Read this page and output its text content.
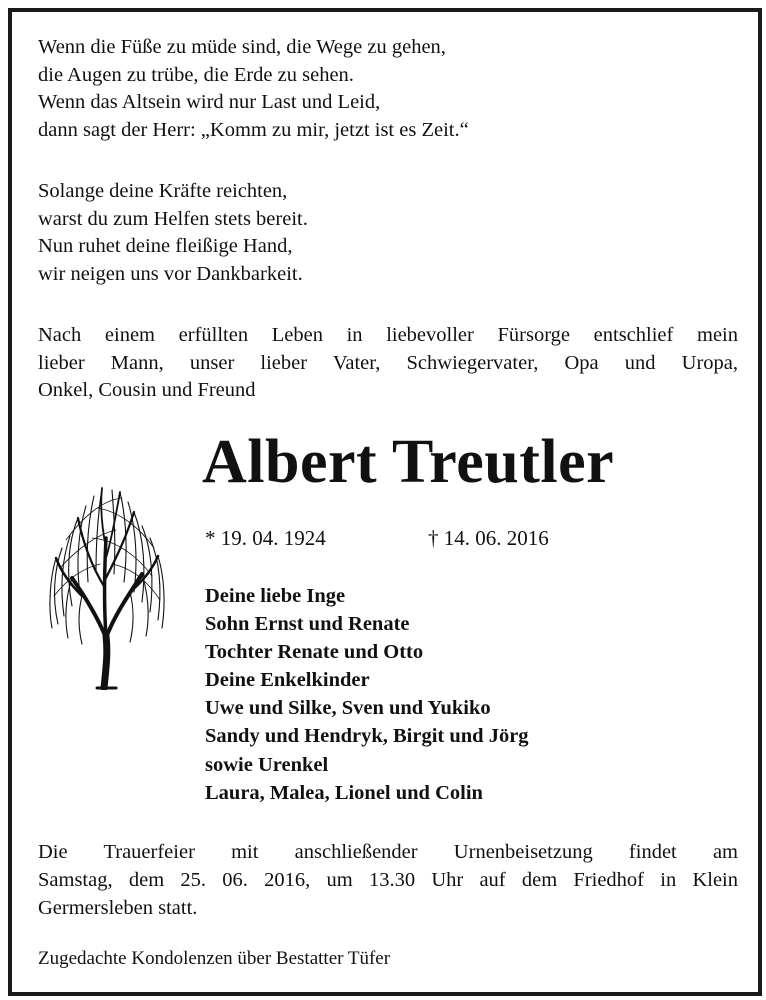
Wenn die Füße zu müde sind, die Wege zu gehen,
die Augen zu trübe, die Erde zu sehen.
Wenn das Altsein wird nur Last und Leid,
dann sagt der Herr: „Komm zu mir, jetzt ist es Zeit.“
Solange deine Kräfte reichten,
warst du zum Helfen stets bereit.
Nun ruhet deine fleißige Hand,
wir neigen uns vor Dankbarkeit.
Nach einem erfüllten Leben in liebevoller Fürsorge entschlief mein
lieber Mann, unser lieber Vater, Schwiegervater, Opa und Uropa,
Onkel, Cousin und Freund
Albert Treutler
* 19. 04. 1924	† 14. 06. 2016
Deine liebe Inge
Sohn Ernst und Renate
Tochter Renate und Otto
Deine Enkelkinder
Uwe und Silke, Sven und Yukiko
Sandy und Hendryk, Birgit und Jörg
sowie Urenkel
Laura, Malea, Lionel und Colin
Die Trauerfeier mit anschließender Urnenbeisetzung findet am
Samstag, dem 25. 06. 2016, um 13.30 Uhr auf dem Friedhof in Klein
Germersleben statt.
Zugedachte Kondolenzen über Bestatter Tüfer
